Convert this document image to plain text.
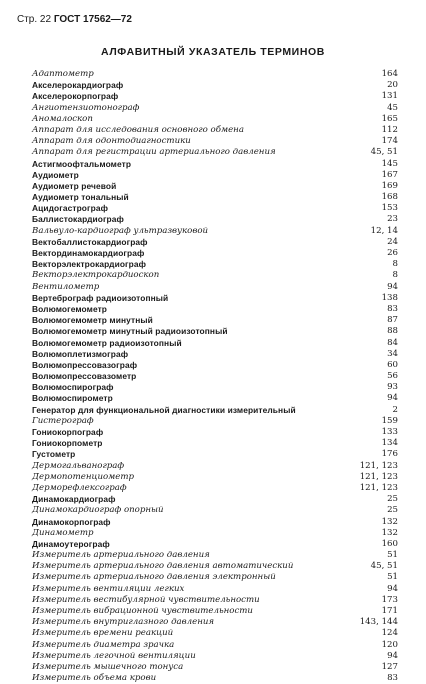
Стр. 22 ГОСТ 17562—72
АЛФАВИТНЫЙ УКАЗАТЕЛЬ ТЕРМИНОВ
Адаптометр	164
Акселерокардиограф	20
Акселерокорпограф	131
Ангиотензиотонограф	45
Аномалоскоп	165
Аппарат для исследования основного обмена	112
Аппарат для одонтодиагностики	174
Аппарат для регистрации артериального давления	45, 51
Астигмоофтальмометр	145
Аудиометр	167
Аудиометр речевой	169
Аудиометр тональный	168
Ацидогастрограф	153
Баллистокардиограф	23
Вальвуло-кардиограф ультразвуковой	12, 14
Вектобаллистокардиограф	24
Вектординамокардиограф	26
Векторэлектрокардиограф	8
Векторэлектрокардиоскоп	8
Вентилометр	94
Вертеброграф радиоизотопный	138
Волюмогемометр	83
Волюмогемометр минутный	87
Волюмогемометр минутный радиоизотопный	88
Волюмогемометр радиоизотопный	84
Волюмоплетизмограф	34
Волюмопрессовазограф	60
Волюмопрессовазометр	56
Волюмоспирограф	93
Волюмоспирометр	94
Генератор для функциональной диагностики измерительный	2
Гистерограф	159
Гониокорпограф	133
Гониокорпометр	134
Густометр	176
Дермогальванограф	121, 123
Дермопотенциометр	121, 123
Дерморефлексограф	121, 123
Динамокардиограф	25
Динамокардиограф опорный	25
Динамокорпограф	132
Динамометр	132
Динамоутерограф	160
Измеритель артериального давления	51
Измеритель артериального давления автоматический	45, 51
Измеритель артериального давления электронный	51
Измеритель вентиляции легких	94
Измеритель вестибулярной чувствительности	173
Измеритель вибрационной чувствительности	171
Измеритель внутриглазного давления	143, 144
Измеритель времени реакций	124
Измеритель диаметра зрачка	120
Измеритель легочной вентиляции	94
Измеритель мышечного тонуса	127
Измеритель объема крови	83
